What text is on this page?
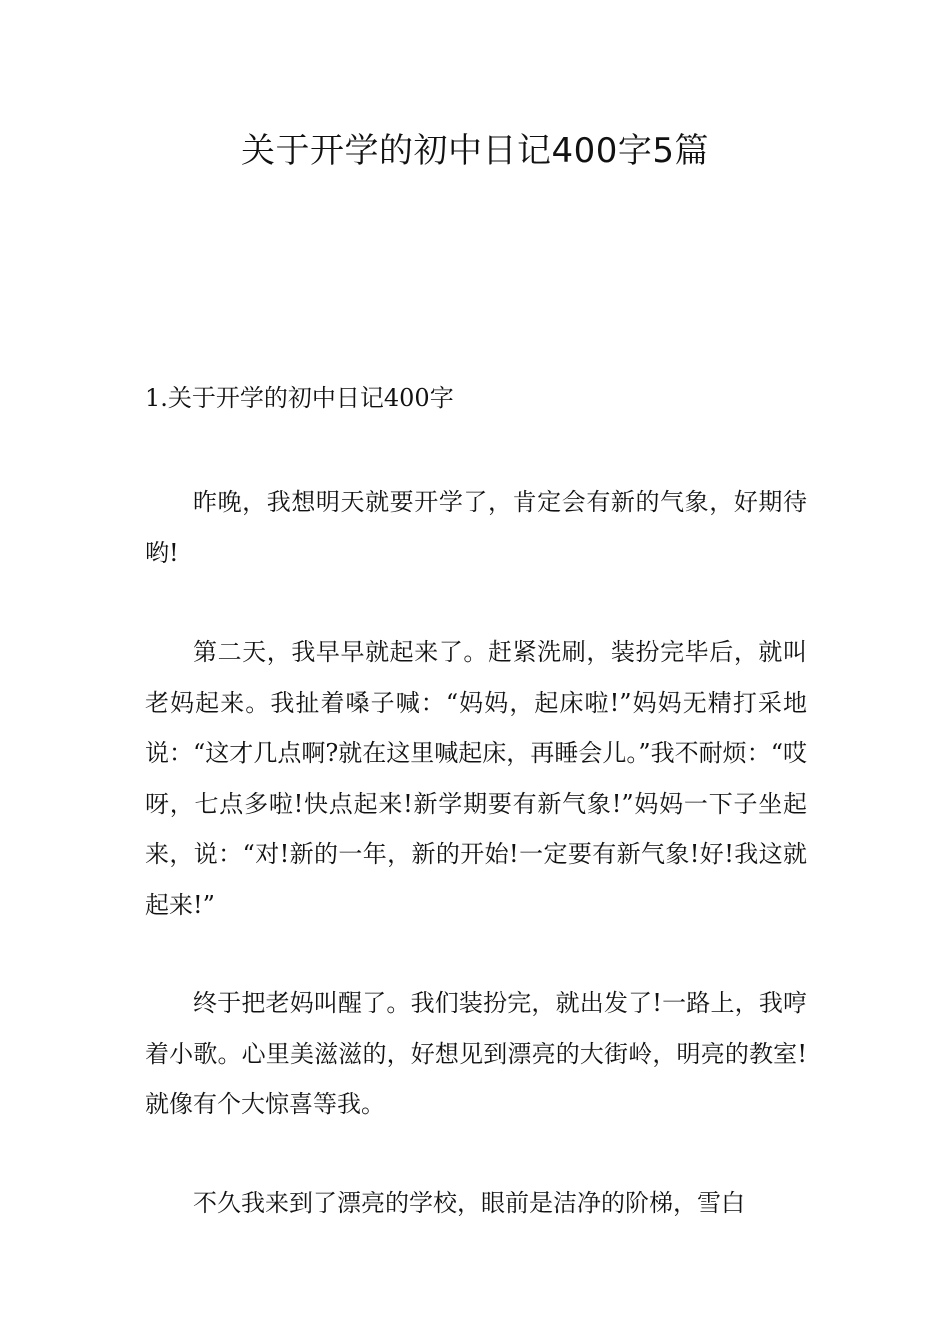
关于开学的初中日记400字5篇
1.关于开学的初中日记400字

昨晚，我想明天就要开学了，肯定会有新的气象，好期待哟!

第二天，我早早就起来了。赶紧洗刷，装扮完毕后，就叫老妈起来。我扯着嗓子喊：“妈妈，起床啦!”妈妈无精打采地说：“这才几点啊?就在这里喊起床，再睡会儿。”我不耐烦：“哎呀，七点多啦!快点起来!新学期要有新气象!”妈妈一下子坐起来，说：“对!新的一年，新的开始!一定要有新气象!好!我这就起来!”

终于把老妈叫醒了。我们装扮完，就出发了!一路上，我哼着小歌。心里美滋滋的，好想见到漂亮的大街岭，明亮的教室!就像有个大惊喜等我。

不久我来到了漂亮的学校，眼前是洁净的阶梯，雪白
